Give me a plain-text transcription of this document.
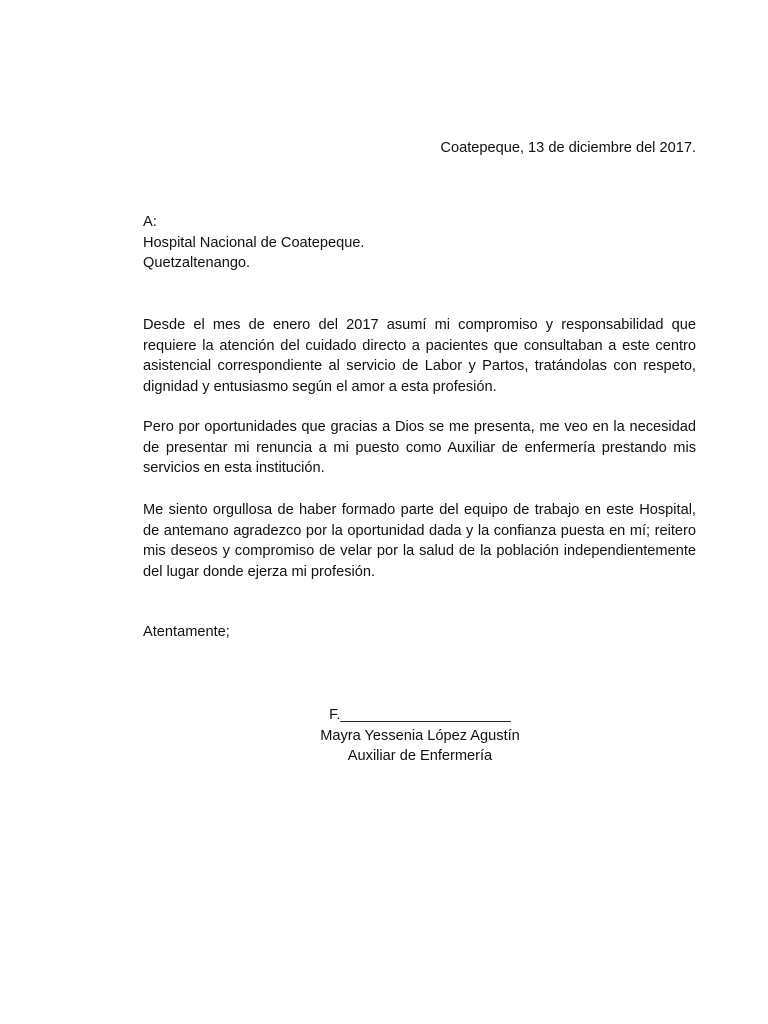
Coatepeque, 13 de diciembre del 2017.
A:
Hospital Nacional de Coatepeque.
Quetzaltenango.
Desde el mes de enero del 2017 asumí mi compromiso y responsabilidad que requiere la atención del cuidado directo a pacientes que consultaban a este centro asistencial correspondiente al servicio de Labor y Partos, tratándolas con respeto, dignidad y entusiasmo según el amor a esta profesión.
Pero por oportunidades que gracias a Dios se me presenta, me veo en la necesidad de presentar mi renuncia a mi puesto como Auxiliar de enfermería prestando mis servicios en esta institución.
Me siento orgullosa de haber formado parte del equipo de trabajo en este Hospital, de antemano agradezco por la oportunidad dada y la confianza puesta en mí; reitero mis deseos y compromiso de velar por la salud de la población independientemente del lugar donde ejerza mi profesión.
Atentamente;
F._____________________
Mayra Yessenia López Agustín
Auxiliar de Enfermería
